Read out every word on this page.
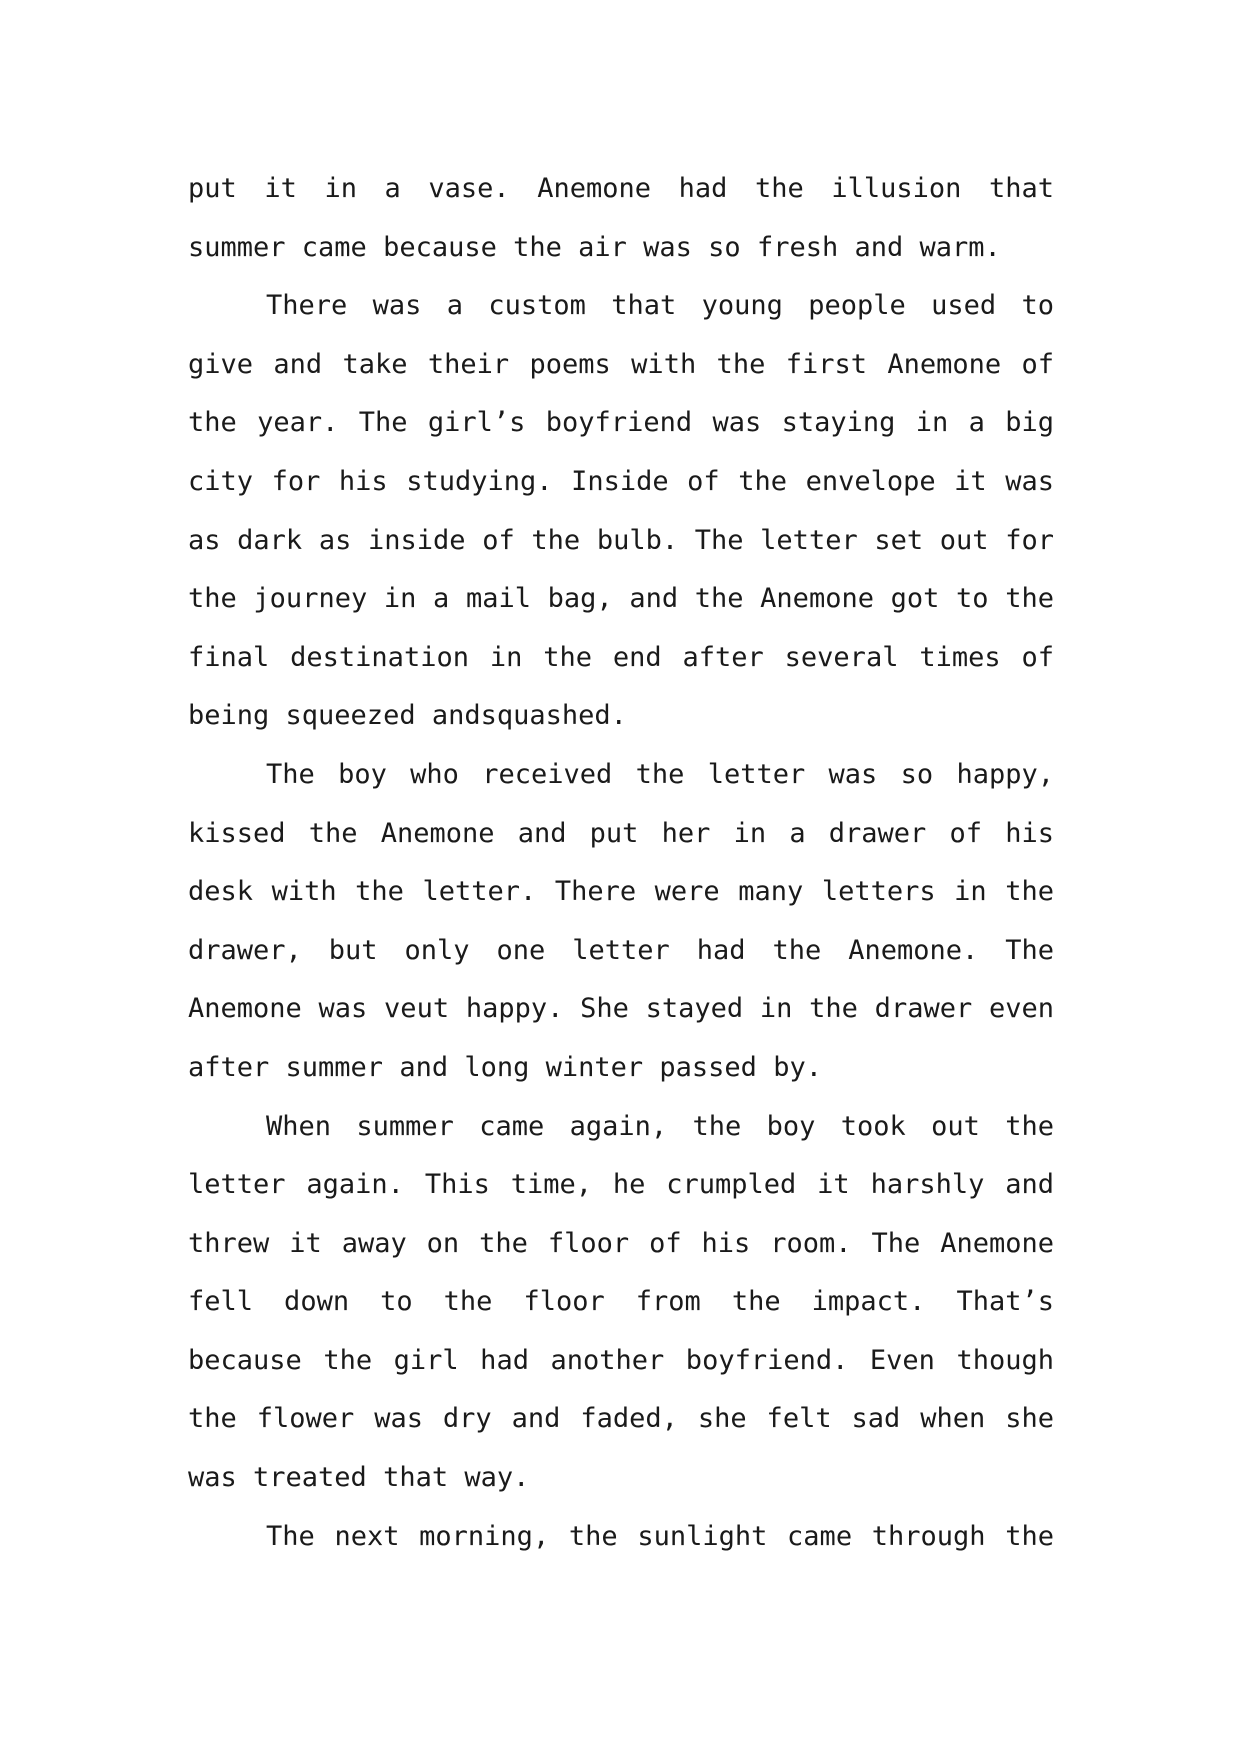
put it in a vase. Anemone had the illusion that summer came because the air was so fresh and warm.

There was a custom that young people used to give and take their poems with the first Anemone of the year. The girl’s boyfriend was staying in a big city for his studying. Inside of the envelope it was as dark as inside of the bulb. The letter set out for the journey in a mail bag, and the Anemone got to the final destination in the end after several times of being squeezed andsquashed.

The boy who received the letter was so happy, kissed the Anemone and put her in a drawer of his desk with the letter. There were many letters in the drawer, but only one letter had the Anemone. The Anemone was veut happy. She stayed in the drawer even after summer and long winter passed by.

When summer came again, the boy took out the letter again. This time, he crumpled it harshly and threw it away on the floor of his room. The Anemone fell down to the floor from the impact. That’s because the girl had another boyfriend. Even though the flower was dry and faded, she felt sad when she was treated that way.

The next morning, the sunlight came through the
